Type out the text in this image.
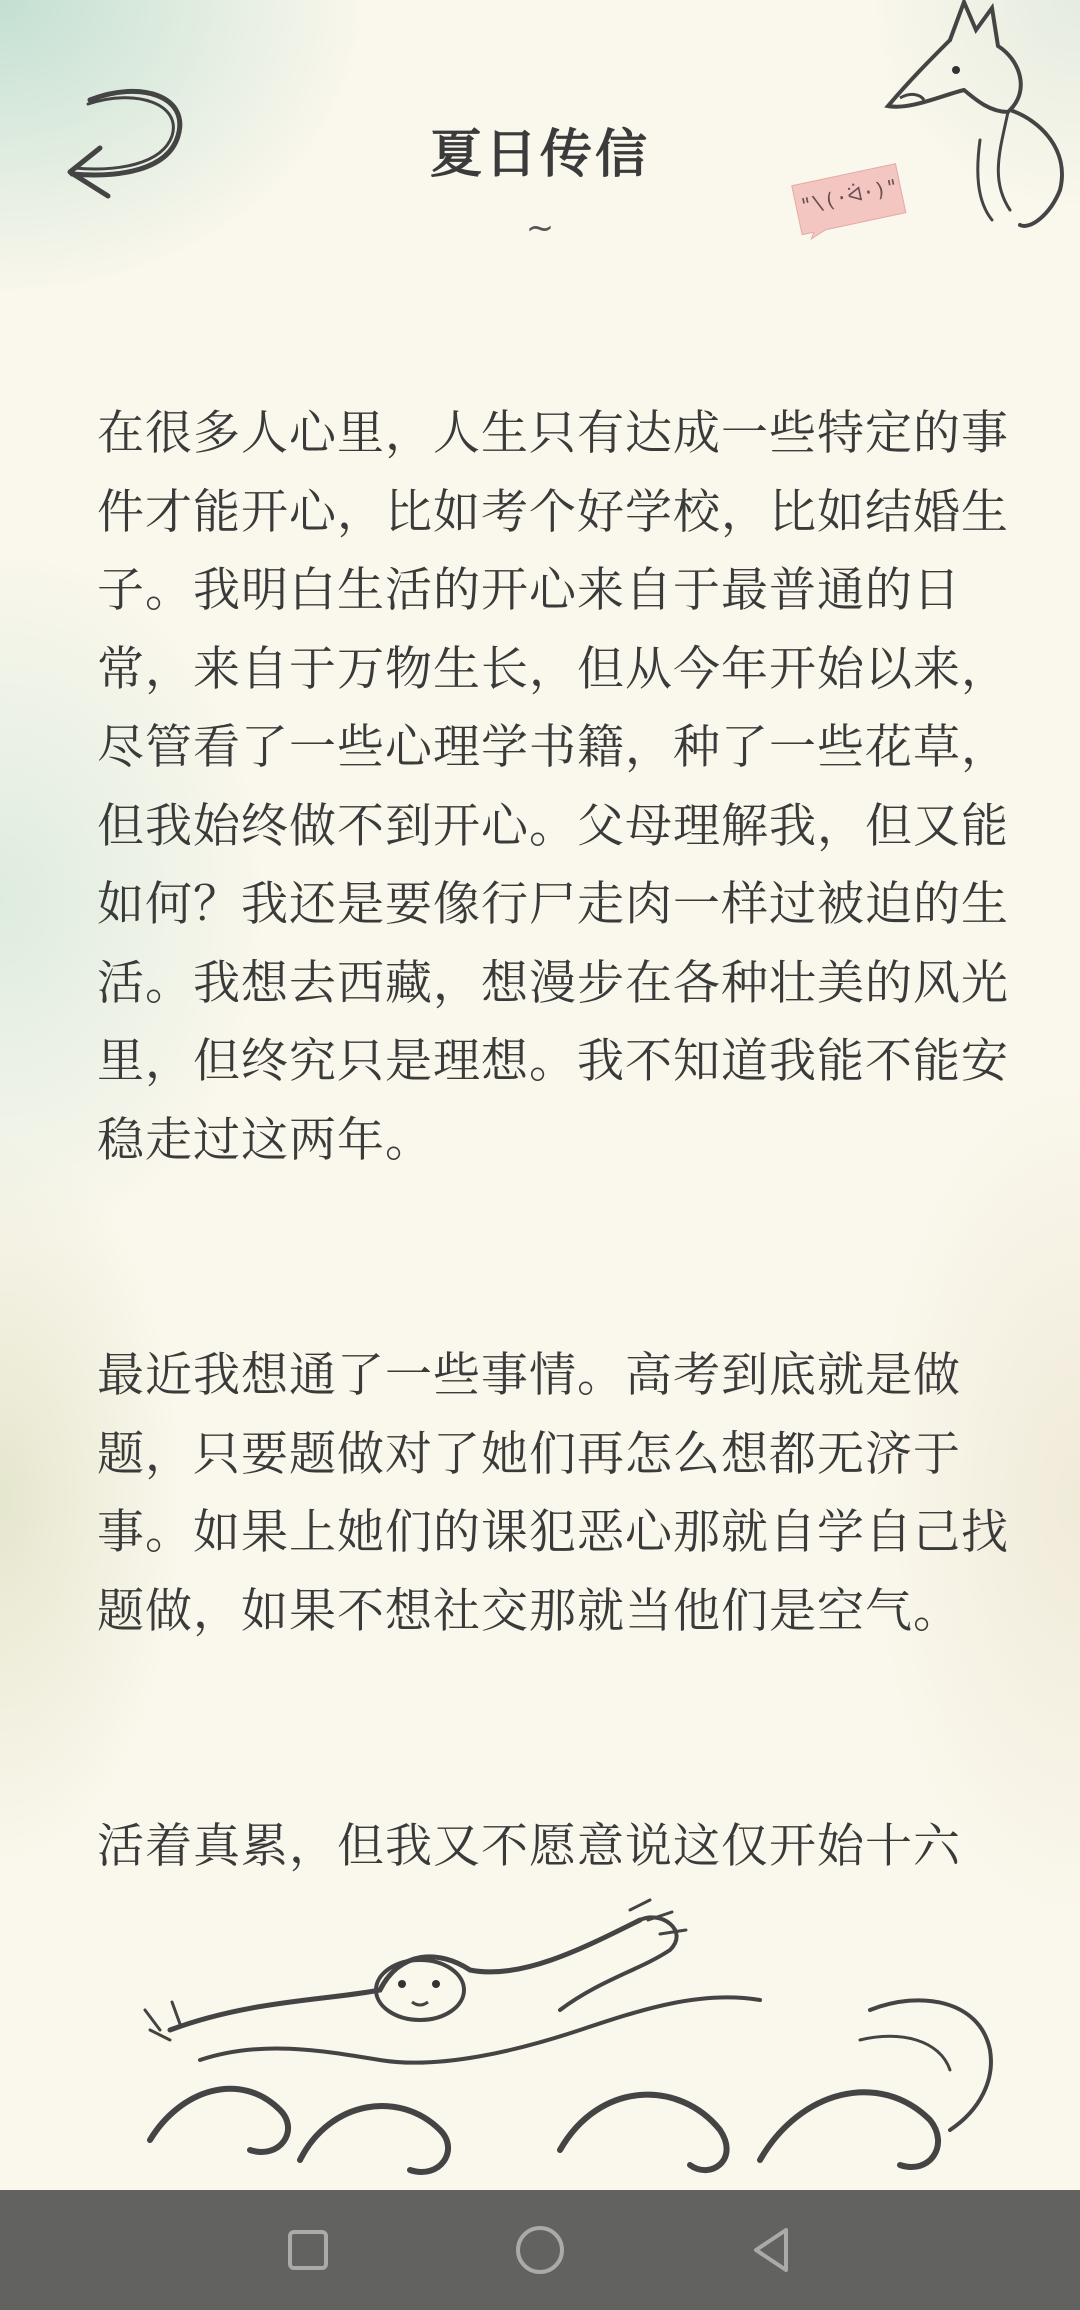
夏日传信
~
"\(·ᐛ·)"

在很多人心里，人生只有达成一些特定的事件才能开心，比如考个好学校，比如结婚生子。我明白生活的开心来自于最普通的日常，来自于万物生长，但从今年开始以来，尽管看了一些心理学书籍，种了一些花草，但我始终做不到开心。父母理解我，但又能如何？我还是要像行尸走肉一样过被迫的生活。我想去西藏，想漫步在各种壮美的风光里，但终究只是理想。我不知道我能不能安稳走过这两年。

最近我想通了一些事情。高考到底就是做题，只要题做对了她们再怎么想都无济于事。如果上她们的课犯恶心那就自学自己找题做，如果不想社交那就当他们是空气。

活着真累，但我又不愿意说这仅开始十六
